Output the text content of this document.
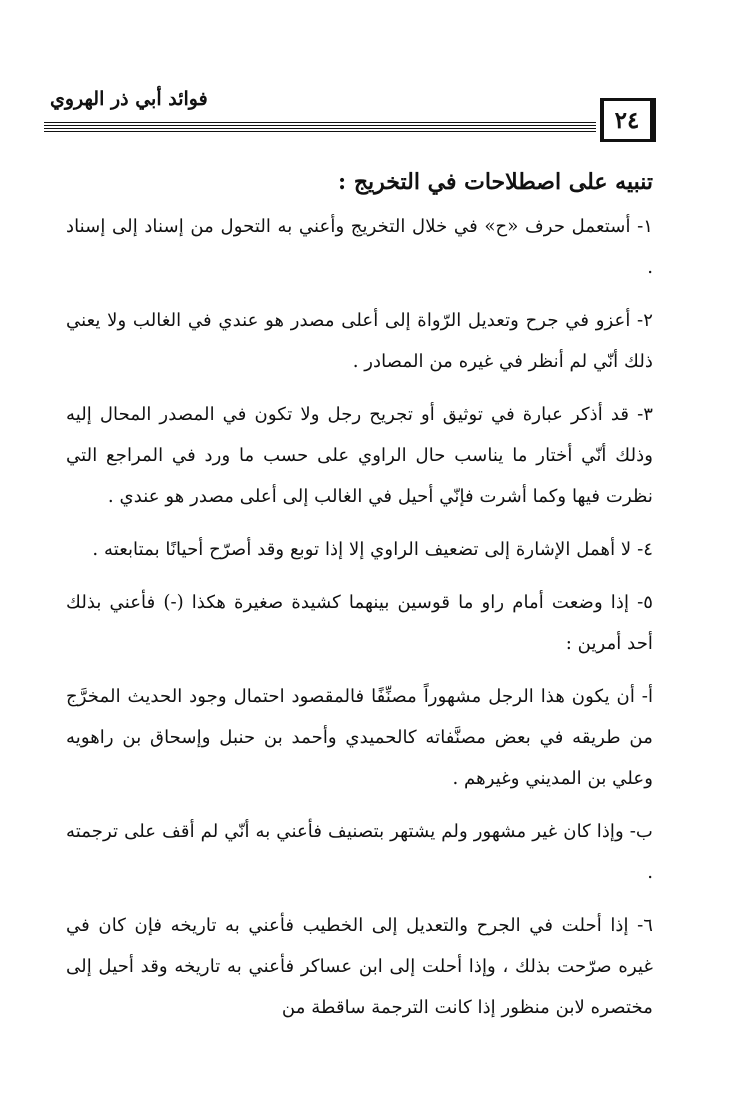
فوائد أبي ذر الهروي
٢٤
تنبيه على اصطلاحات في التخريج :

١- أستعمل حرف «ح» في خلال التخريج وأعني به التحول من إسناد إلى إسناد .

٢- أعزو في جرح وتعديل الرّواة إلى أعلى مصدر هو عندي في الغالب ولا يعني ذلك أنّي لم أنظر في غيره من المصادر .

٣- قد أذكر عبارة في توثيق أو تجريح رجل ولا تكون في المصدر المحال إليه وذلك أنّي أختار ما يناسب حال الراوي على حسب ما ورد في المراجع التي نظرت فيها وكما أشرت فإنّي أحيل في الغالب إلى أعلى مصدر هو عندي .

٤- لا أهمل الإشارة إلى تضعيف الراوي إلا إذا توبع وقد أصرّح أحيانًا بمتابعته .

٥- إذا وضعت أمام راو ما قوسين بينهما كشيدة صغيرة هكذا (-) فأعني بذلك أحد أمرين :

أ- أن يكون هذا الرجل مشهوراً مصنِّفًا فالمقصود احتمال وجود الحديث المخرَّج من طريقه في بعض مصنَّفاته كالحميدي وأحمد بن حنبل وإسحاق بن راهويه وعلي بن المديني وغيرهم .

ب- وإذا كان غير مشهور ولم يشتهر بتصنيف فأعني به أنّي لم أقف على ترجمته .

٦- إذا أحلت في الجرح والتعديل إلى الخطيب فأعني به تاريخه فإن كان في غيره صرّحت بذلك ، وإذا أحلت إلى ابن عساكر فأعني به تاريخه وقد أحيل إلى مختصره لابن منظور إذا كانت الترجمة ساقطة من
